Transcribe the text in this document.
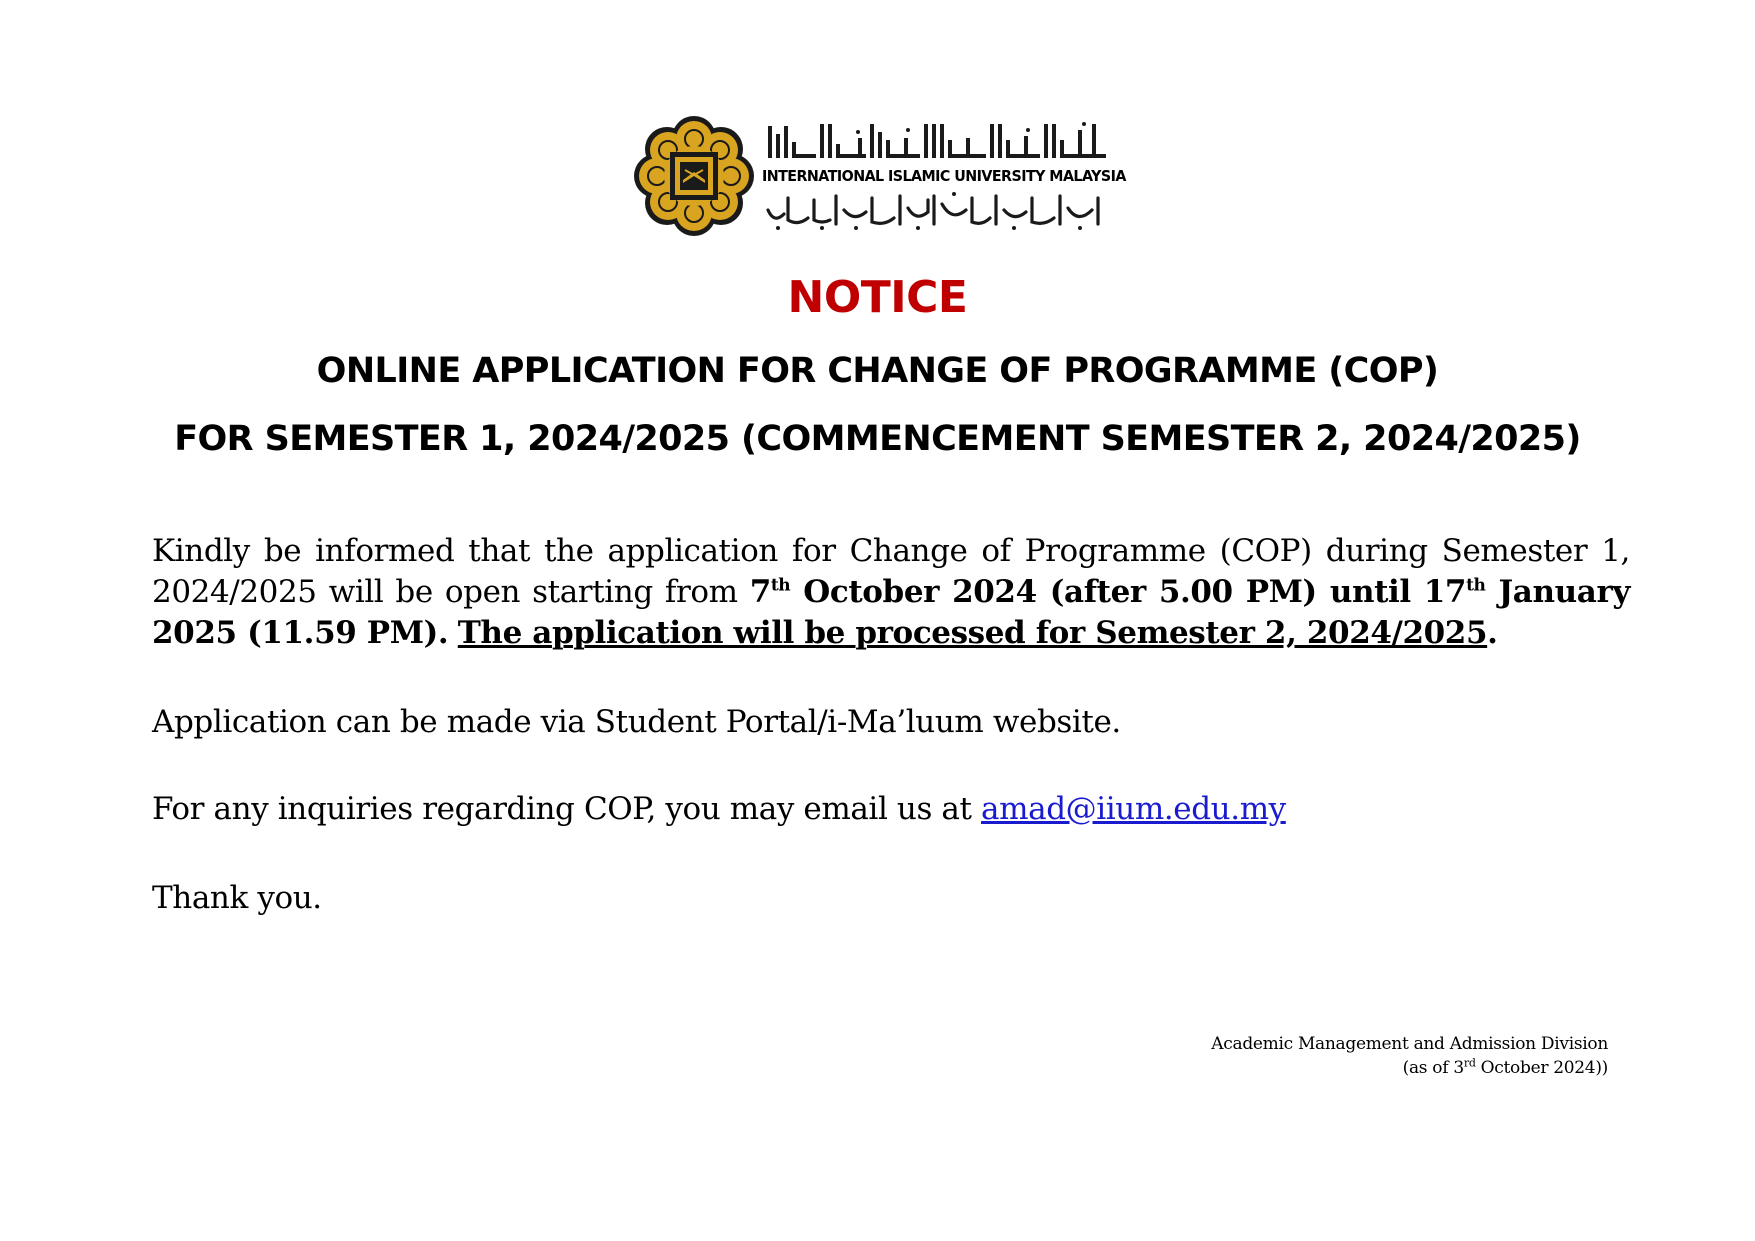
INTERNATIONAL ISLAMIC UNIVERSITY MALAYSIA
NOTICE
ONLINE APPLICATION FOR CHANGE OF PROGRAMME (COP)
FOR SEMESTER 1, 2024/2025 (COMMENCEMENT SEMESTER 2, 2024/2025)
Kindly be informed that the application for Change of Programme (COP) during Semester 1, 2024/2025 will be open starting from 7th October 2024 (after 5.00 PM) until 17th January 2025 (11.59 PM). The application will be processed for Semester 2, 2024/2025.
Application can be made via Student Portal/i-Ma’luum website.
For any inquiries regarding COP, you may email us at amad@iium.edu.my
Thank you.
Academic Management and Admission Division
(as of 3rd October 2024))
